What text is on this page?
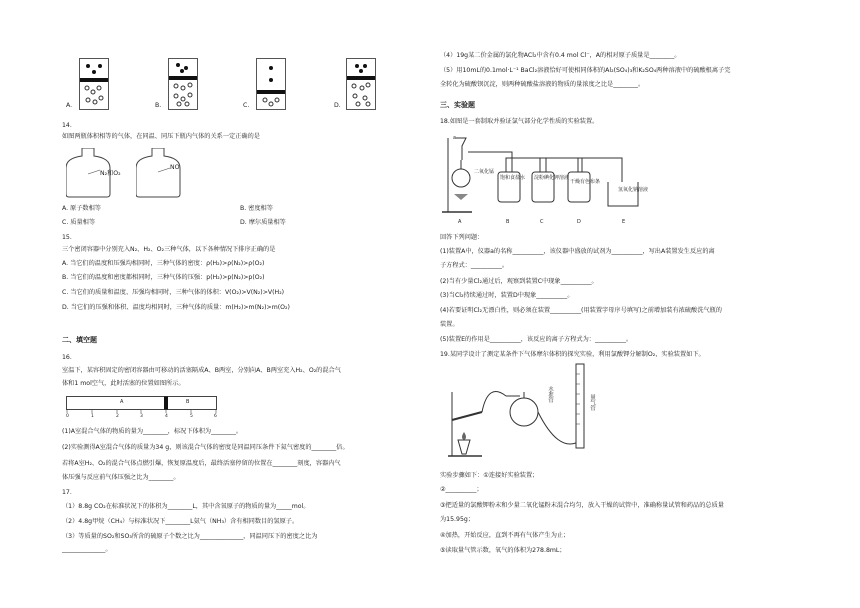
A.	B.	C.	D.
14.
如图两瓶体积相等的气体，在同温、同压下瓶内气体的关系一定正确的是
N₂和O₂
NO
A. 原子数相等	B. 密度相等
C. 质量相等	D. 摩尔质量相等
15.
三个密闭容器中分别充入N₂、H₂、O₂三种气体，以下各种情况下排序正确的是
A. 当它们的温度和压强均相同时，三种气体的密度：ρ(H₂)>ρ(N₂)>ρ(O₂)
B. 当它们的温度和密度都相同时，三种气体的压强：p(H₂)>p(N₂)>p(O₂)
C. 当它们的质量和温度、压强均相同时，三种气体的体积：V(O₂)>V(N₂)>V(H₂)
D. 当它们的压强和体积、温度均相同时，三种气体的质量：m(H₂)>m(N₂)>m(O₂)
二、填空题
16.
室温下，某容积固定的密闭容器由可移动的活塞隔成A、B两室，分别向A、B两室充入H₂、O₂的混合气
体和1 mol空气，此时活塞的位置如图所示。
A	B
0	1	2	3	4	5	6
(1)A室混合气体的物质的量为________，标况下体积为________。
(2)实验测得A室混合气体的质量为34 g，则该混合气体的密度是同温同压条件下氦气密度的________倍。
若将A室H₂、O₂的混合气体点燃引爆，恢复原温度后，最终活塞停留的位置在________刻度，容器内气
体压强与反应前气体压强之比为________。
17.
（1）8.8g CO₂在标准状况下的体积为________L，其中含氧原子的物质的量为_____mol。
（2）4.8g甲烷（CH₄）与标准状况下________L氨气（NH₃）含有相同数目的氢原子。
（3）等质量的SO₂和SO₃所含的硫原子个数之比为______________，同温同压下的密度之比为
______________。
（4）19g某二价金属的氯化物ACl₂中含有0.4 mol Cl⁻，A的相对原子质量是________。
（5）用10mL的0.1mol·L⁻¹ BaCl₂溶液恰好可使相同体积的Al₂(SO₄)₃和K₂SO₄两种溶液中的硫酸根离子完
全转化为硫酸钡沉淀，则两种硫酸盐溶液的物质的量浓度之比是________。
三、实验题
18.如图是一套制取并验证氯气部分化学性质的实验装置。
a
二氧化锰
饱和食盐水 淀粉碘化钾溶液
干燥有色布条
氢氧化钠溶液
A	B	C	D	E
回答下列问题：
(1)装置A中，仪器a的名称__________，该仪器中盛放的试剂为__________，写出A装置发生反应的离
子方程式：__________。
(2)当有少量Cl₂通过后，观察到装置C中现象__________。
(3)当Cl₂持续通过时，装置D中现象__________。
(4)若要证明Cl₂无漂白性，则必须在装置__________(用装置字母序号填写)之前增加装有浓硫酸洗气瓶的
装置。
(5)装置E的作用是__________，该反应的离子方程式为：__________。
19.某同学设计了测定某条件下气体摩尔体积的探究实验，利用氯酸钾分解制O₂，实验装置如下。
水准管	量气管
实验步骤如下：①连接好实验装置；
②__________；
③把适量的氯酸钾粉末和少量二氧化锰粉末混合均匀，放入干燥的试管中，准确称量试管和药品的总质量
为15.95g；
④加热，开始反应，直到不再有气体产生为止；
⑤读取量气管示数，氧气的体积为278.8mL；
